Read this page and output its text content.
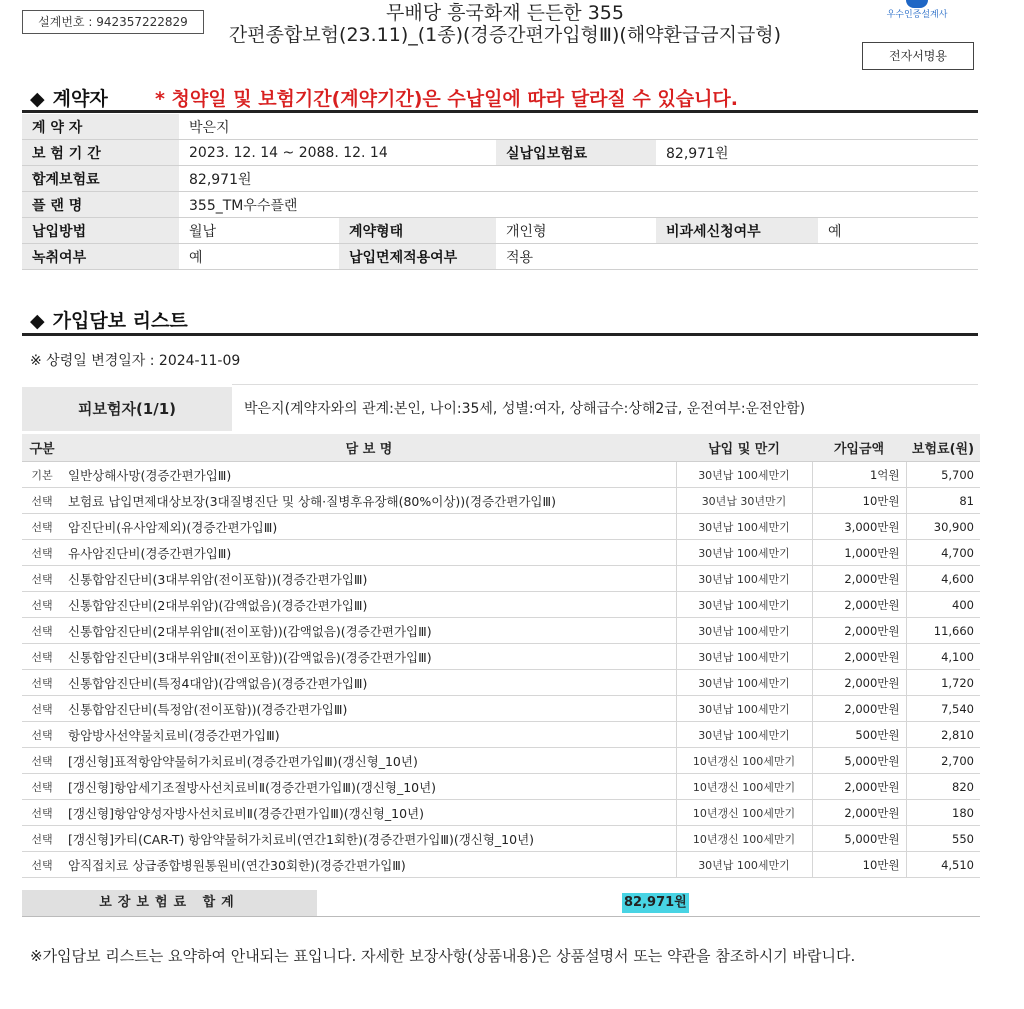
설계번호 : 942357222829	무배당 흥국화재 든든한 355
간편종합보험(23.11)_(1종)(경증간편가입형Ⅲ)(해약환급금지급형)
우수인증설계사
전자서명용
◆ 계약자 * 청약일 및 보험기간(계약기간)은 수납일에 따라 달라질 수 있습니다.
계 약 자	박은지				
보 험 기 간	2023. 12. 14 ~ 2088. 12. 14		실납입보험료	82,971원	
합계보험료	82,971원				
플 랜 명	355_TM우수플랜				
납입방법	월납	계약형태	개인형	비과세신청여부	예
녹취여부	예	납입면제적용여부	적용		
◆ 가입담보 리스트
※ 상령일 변경일자 : 2024-11-09
피보험자(1/1)	박은지(계약자와의 관계:본인, 나이:35세, 성별:여자, 상해급수:상해2급, 운전여부:운전안함)
구분	담 보 명	납입 및 만기	가입금액	보험료(원)
기본	일반상해사망(경증간편가입Ⅲ)	30년납 100세만기	1억원	5,700
선택	보험료 납입면제대상보장(3대질병진단 및 상해·질병후유장해(80%이상))(경증간편가입Ⅲ)	30년납 30년만기	10만원	81
선택	암진단비(유사암제외)(경증간편가입Ⅲ)	30년납 100세만기	3,000만원	30,900
선택	유사암진단비(경증간편가입Ⅲ)	30년납 100세만기	1,000만원	4,700
선택	신통합암진단비(3대부위암(전이포함))(경증간편가입Ⅲ)	30년납 100세만기	2,000만원	4,600
선택	신통합암진단비(2대부위암)(감액없음)(경증간편가입Ⅲ)	30년납 100세만기	2,000만원	400
선택	신통합암진단비(2대부위암Ⅱ(전이포함))(감액없음)(경증간편가입Ⅲ)	30년납 100세만기	2,000만원	11,660
선택	신통합암진단비(3대부위암Ⅱ(전이포함))(감액없음)(경증간편가입Ⅲ)	30년납 100세만기	2,000만원	4,100
선택	신통합암진단비(특정4대암)(감액없음)(경증간편가입Ⅲ)	30년납 100세만기	2,000만원	1,720
선택	신통합암진단비(특정암(전이포함))(경증간편가입Ⅲ)	30년납 100세만기	2,000만원	7,540
선택	항암방사선약물치료비(경증간편가입Ⅲ)	30년납 100세만기	500만원	2,810
선택	[갱신형]표적항암약물허가치료비(경증간편가입Ⅲ)(갱신형_10년)	10년갱신 100세만기	5,000만원	2,700
선택	[갱신형]항암세기조절방사선치료비Ⅱ(경증간편가입Ⅲ)(갱신형_10년)	10년갱신 100세만기	2,000만원	820
선택	[갱신형]항암양성자방사선치료비Ⅱ(경증간편가입Ⅲ)(갱신형_10년)	10년갱신 100세만기	2,000만원	180
선택	[갱신형]카티(CAR-T) 항암약물허가치료비(연간1회한)(경증간편가입Ⅲ)(갱신형_10년)	10년갱신 100세만기	5,000만원	550
선택	암직접치료 상급종합병원통원비(연간30회한)(경증간편가입Ⅲ)	30년납 100세만기	10만원	4,510
보장보험료 합계	82,971원
※가입담보 리스트는 요약하여 안내되는 표입니다. 자세한 보장사항(상품내용)은 상품설명서 또는 약관을 참조하시기 바랍니다.
